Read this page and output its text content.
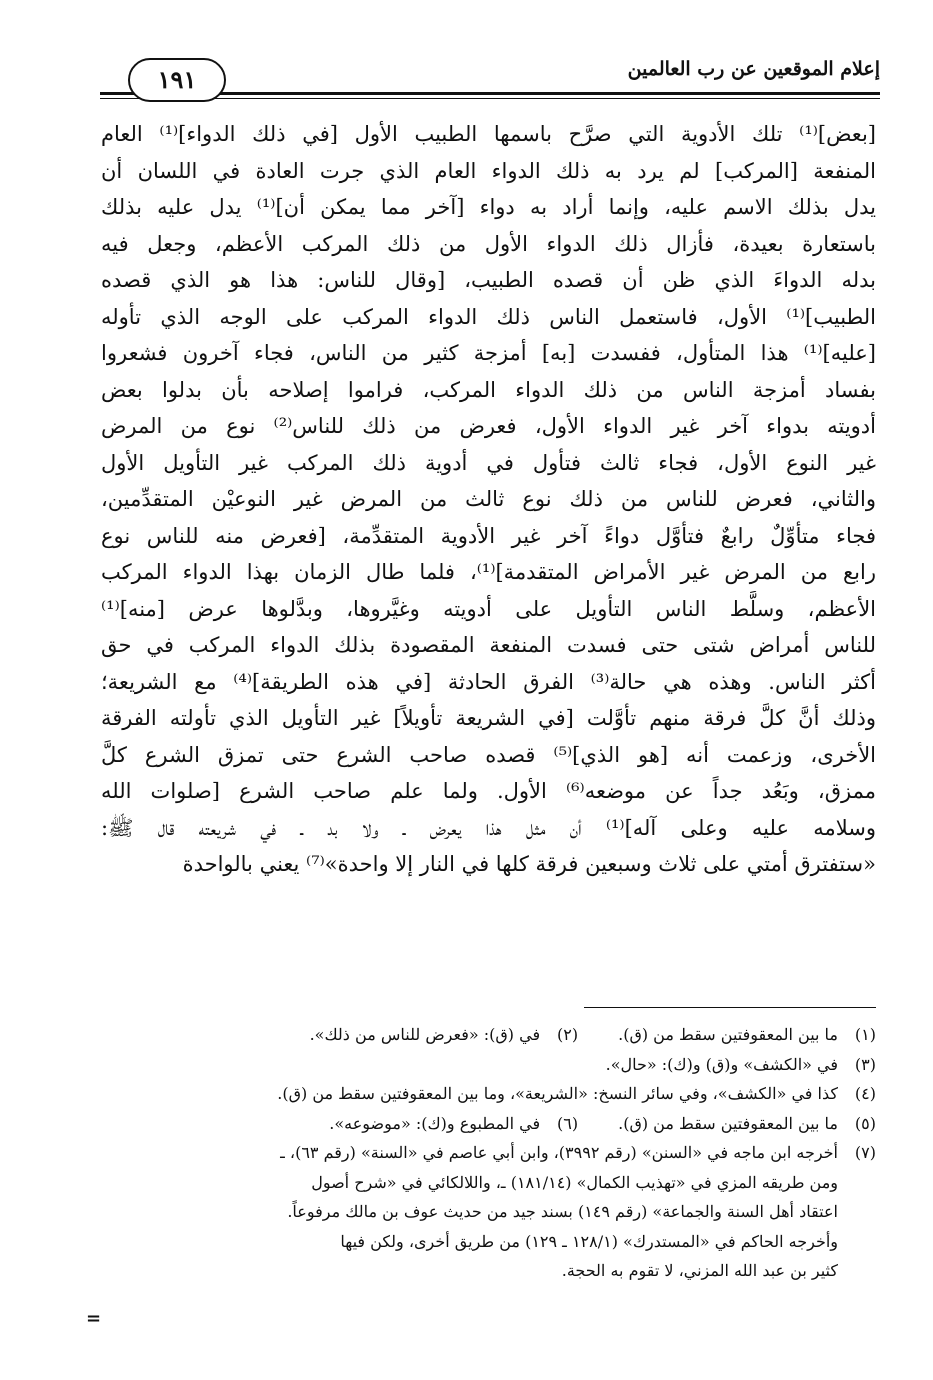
إعلام الموقعين عن رب العالمين
١٩١
[بعض]⁽¹⁾ تلك الأدوية التي صرَّح باسمها الطبيب الأول [في ذلك الدواء]⁽¹⁾ العام
المنفعة [المركب] لم يرد به ذلك الدواء العام الذي جرت العادة في اللسان أن
يدل بذلك الاسم عليه، وإنما أراد به دواء [آخر مما يمكن أن]⁽¹⁾ يدل عليه بذلك
باستعارة بعيدة، فأزال ذلك الدواء الأول من ذلك المركب الأعظم، وجعل فيه
بدله الدواءَ الذي ظن أن قصده الطبيب، [وقال للناس: هذا هو الذي قصده
الطبيب]⁽¹⁾ الأول، فاستعمل الناس ذلك الدواء المركب على الوجه الذي تأوله
[عليه]⁽¹⁾ هذا المتأول، ففسدت [به] أمزجة كثير من الناس، فجاء آخرون فشعروا
بفساد أمزجة الناس من ذلك الدواء المركب، فراموا إصلاحه بأن بدلوا بعض
أدويته بدواء آخر غير الدواء الأول، فعرض من ذلك للناس⁽²⁾ نوع من المرض
غير النوع الأول، فجاء ثالث فتأول في أدوية ذلك المركب غير التأويل الأول
والثاني، فعرض للناس من ذلك نوع ثالث من المرض غير النوعيْن المتقدِّمين،
فجاء متأوِّلٌ رابعٌ فتأوَّل دواءً آخر غير الأدوية المتقدِّمة، [فعرض منه للناس نوع
رابع من المرض غير الأمراض المتقدمة]⁽¹⁾، فلما طال الزمان بهذا الدواء المركب
الأعظم، وسلَّط الناس التأويل على أدويته وغيَّروها، وبدَّلوها عرض [منه]⁽¹⁾
للناس أمراض شتى حتى فسدت المنفعة المقصودة بذلك الدواء المركب في حق
أكثر الناس. وهذه هي حالة⁽³⁾ الفرق الحادثة [في هذه الطريقة]⁽⁴⁾ مع الشريعة؛
وذلك أنَّ كلَّ فرقة منهم تأوَّلت [في الشريعة تأويلاً] غير التأويل الذي تأولته الفرقة
الأخرى، وزعمت أنه [هو الذي]⁽⁵⁾ قصده صاحب الشرع حتى تمزق الشرع كلَّ
ممزق، وبَعُد جداً عن موضعه⁽⁶⁾ الأول. ولما علم صاحب الشرع [صلوات الله
وسلامه عليه وعلى آله]⁽¹⁾ أن مثل هذا يعرض ـ ولا بد ـ في شريعته قال ﷺ:
«ستفترق أمتي على ثلاث وسبعين فرقة كلها في النار إلا واحدة»⁽⁷⁾ يعني بالواحدة
(١)ما بين المعقوفتين سقط من (ق).(٢)في (ق): «فعرض للناس من ذلك».
(٣)في «الكشف» و(ق) و(ك): «حال».
(٤)كذا في «الكشف»، وفي سائر النسخ: «الشريعة»، وما بين المعقوفتين سقط من (ق).
(٥)ما بين المعقوفتين سقط من (ق).(٦)في المطبوع و(ك): «موضوعه».
(٧)أخرجه ابن ماجه في «السنن» (رقم ٣٩٩٢)، وابن أبي عاصم في «السنة» (رقم ٦٣)، ـ
ومن طريقه المزي في «تهذيب الكمال» (١٨١/١٤) ـ، واللالكائي في «شرح أصول
اعتقاد أهل السنة والجماعة» (رقم ١٤٩) بسند جيد من حديث عوف بن مالك مرفوعاً.
وأخرجه الحاكم في «المستدرك» (١٢٨/١ ـ ١٢٩) من طريق أخرى، ولكن فيها
كثير بن عبد الله المزني، لا تقوم به الحجة.
=
